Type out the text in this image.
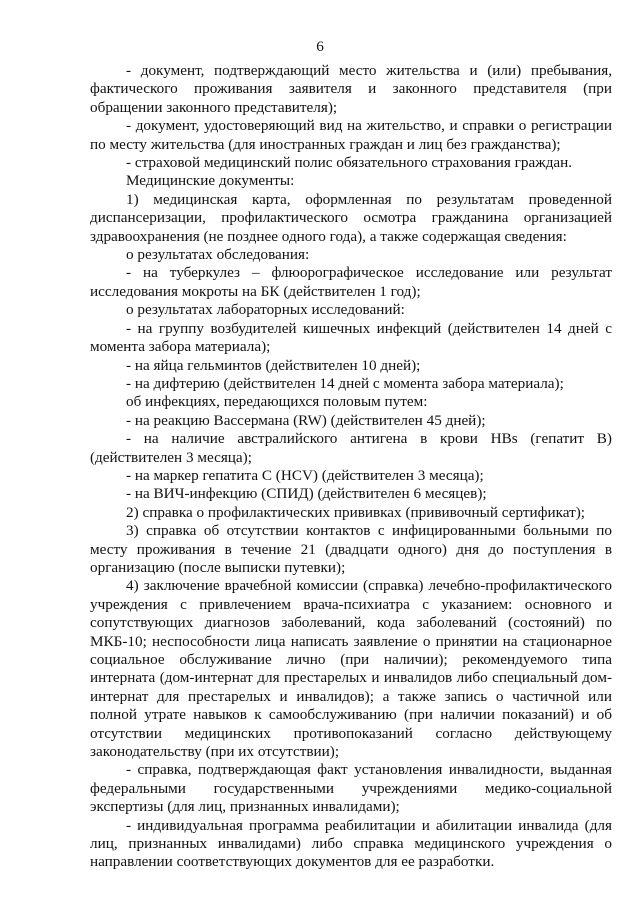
6

- документ, подтверждающий место жительства и (или) пребывания, фактического проживания заявителя и законного представителя (при обращении законного представителя);

- документ, удостоверяющий вид на жительство, и справки о регистрации по месту жительства (для иностранных граждан и лиц без гражданства);

- страховой медицинский полис обязательного страхования граждан.

Медицинские документы:

1) медицинская карта, оформленная по результатам проведенной диспансеризации, профилактического осмотра гражданина организацией здравоохранения (не позднее одного года), а также содержащая сведения:

о результатах обследования:

- на туберкулез – флюорографическое исследование или результат исследования мокроты на БК (действителен 1 год);

о результатах лабораторных исследований:

- на группу возбудителей кишечных инфекций (действителен 14 дней с момента забора материала);

- на яйца гельминтов (действителен 10 дней);

- на дифтерию (действителен 14 дней с момента забора материала);

об инфекциях, передающихся половым путем:

- на реакцию Вассермана (RW) (действителен 45 дней);

- на наличие австралийского антигена в крови HBs (гепатит B) (действителен 3 месяца);

- на маркер гепатита С (HCV) (действителен 3 месяца);

- на ВИЧ-инфекцию (СПИД) (действителен 6 месяцев);

2) справка о профилактических прививках (прививочный сертификат);

3) справка об отсутствии контактов с инфицированными больными по месту проживания в течение 21 (двадцати одного) дня до поступления в организацию (после выписки путевки);

4) заключение врачебной комиссии (справка) лечебно-профилактического учреждения с привлечением врача-психиатра с указанием: основного и сопутствующих диагнозов заболеваний, кода заболеваний (состояний) по МКБ-10; неспособности лица написать заявление о принятии на стационарное социальное обслуживание лично (при наличии); рекомендуемого типа интерната (дом-интернат для престарелых и инвалидов либо специальный дом-интернат для престарелых и инвалидов); а также запись о частичной или полной утрате навыков к самообслуживанию (при наличии показаний) и об отсутствии медицинских противопоказаний согласно действующему законодательству (при их отсутствии);

- справка, подтверждающая факт установления инвалидности, выданная федеральными государственными учреждениями медико-социальной экспертизы (для лиц, признанных инвалидами);

- индивидуальная программа реабилитации и абилитации инвалида (для лиц, признанных инвалидами) либо справка медицинского учреждения о направлении соответствующих документов для ее разработки.
